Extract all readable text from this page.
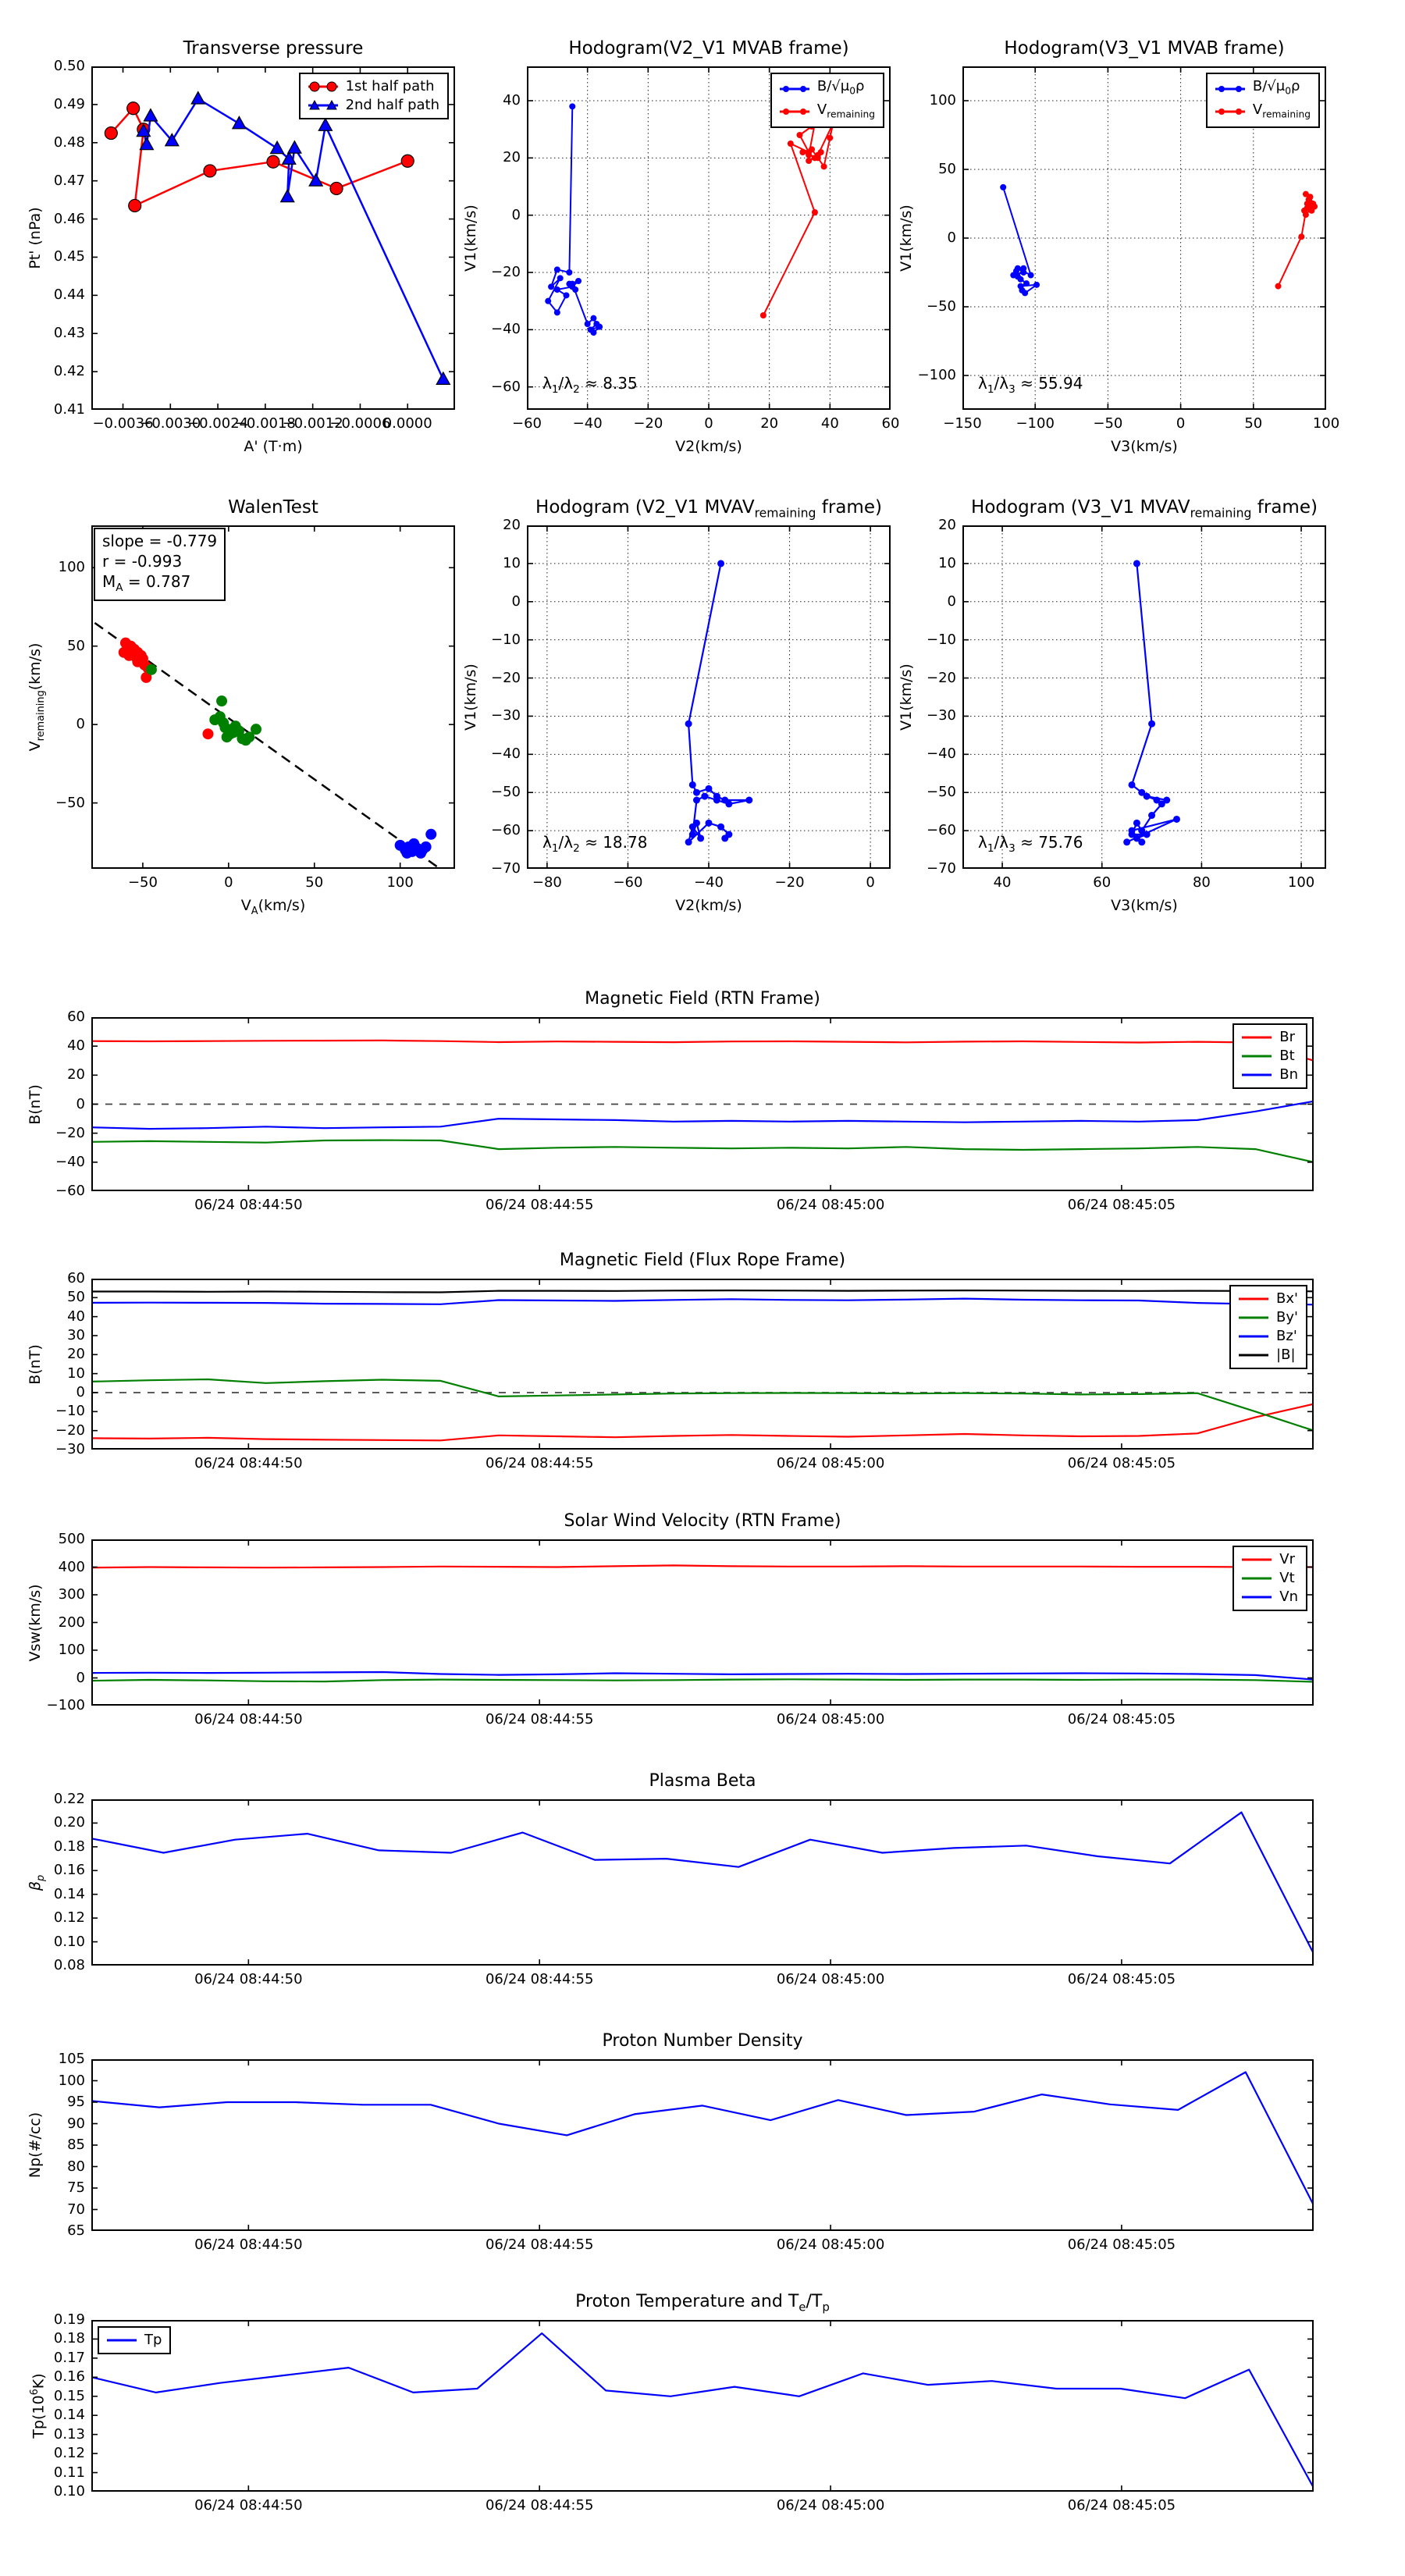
Transverse pressure
0.41
0.42
0.43
0.44
0.45
0.46
0.47
0.48
0.49
0.50
−0.0036
−0.0030
−0.0024
−0.0018
−0.0012
−0.0006
0.0000
A' (T·m)
Pt' (nPa)
1st half path
2nd half path
Hodogram(V2_V1 MVAB frame)
−60
−40
−20
0
20
40
−60	−40	−20	0	20	40	60
V2(km/s)
V1(km/s)
$B/√\mu_0\rho$
$V_{remaining}$
$\lambda_1/\lambda_2 \approx 8.35$
Hodogram(V3_V1 MVAB frame)
−100
−50
0
50
100
−150	−100	−50	0	50	100
V3(km/s)
V1(km/s)
$B/√\mu_0\rho$
$V_{remaining}$
$\lambda_1/\lambda_3 \approx 55.94$
WalenTest
−50
0
50
100
−50	0	50	100
$V_A(km/s)$
$V_{remaining}(km/s)$
slope = -0.779
r = -0.993
$M_A = 0.787$
Hodogram (V2_V1 $MVAV_{remaining}$ frame)
−70
−60
−50
−40
−30
−20
−10
0
10
20
−80	−60	−40	−20	0
V2(km/s)
V1(km/s)
$\lambda_1/\lambda_2 \approx 18.78$
Hodogram (V3_V1 $MVAV_{remaining}$ frame)
−70
−60
−50
−40
−30
−20
−10
0
10
20
40	60	80	100
V3(km/s)
V1(km/s)
$\lambda_1/\lambda_3 \approx 75.76$
Magnetic Field (RTN Frame)
−60
−40
−20
0
20
40
60
06/24 08:44:50	06/24 08:44:55	06/24 08:45:00	06/24 08:45:05
B(nT)
Br
Bt
Bn
Magnetic Field (Flux Rope Frame)
−30
−20
−10
0
10
20
30
40
50
60
06/24 08:44:50	06/24 08:44:55	06/24 08:45:00	06/24 08:45:05
B(nT)
Bx'
By'
Bz'
|B|
Solar Wind Velocity (RTN Frame)
−100
0
100
200
300
400
500
06/24 08:44:50	06/24 08:44:55	06/24 08:45:00	06/24 08:45:05
Vsw(km/s)
Vr
Vt
Vn
Plasma Beta
0.08
0.10
0.12
0.14
0.16
0.18
0.20
0.22
06/24 08:44:50	06/24 08:44:55	06/24 08:45:00	06/24 08:45:05
$\beta_p$
Proton Number Density
65
70
75
80
85
90
95
100
105
06/24 08:44:50	06/24 08:44:55	06/24 08:45:00	06/24 08:45:05
Np(#/cc)
Proton Temperature and $T_e/T_p$
0.10
0.11
0.12
0.13
0.14
0.15
0.16
0.17
0.18
0.19
06/24 08:44:50	06/24 08:44:55	06/24 08:45:00	06/24 08:45:05
$Tp(10^6K)$
Tp
